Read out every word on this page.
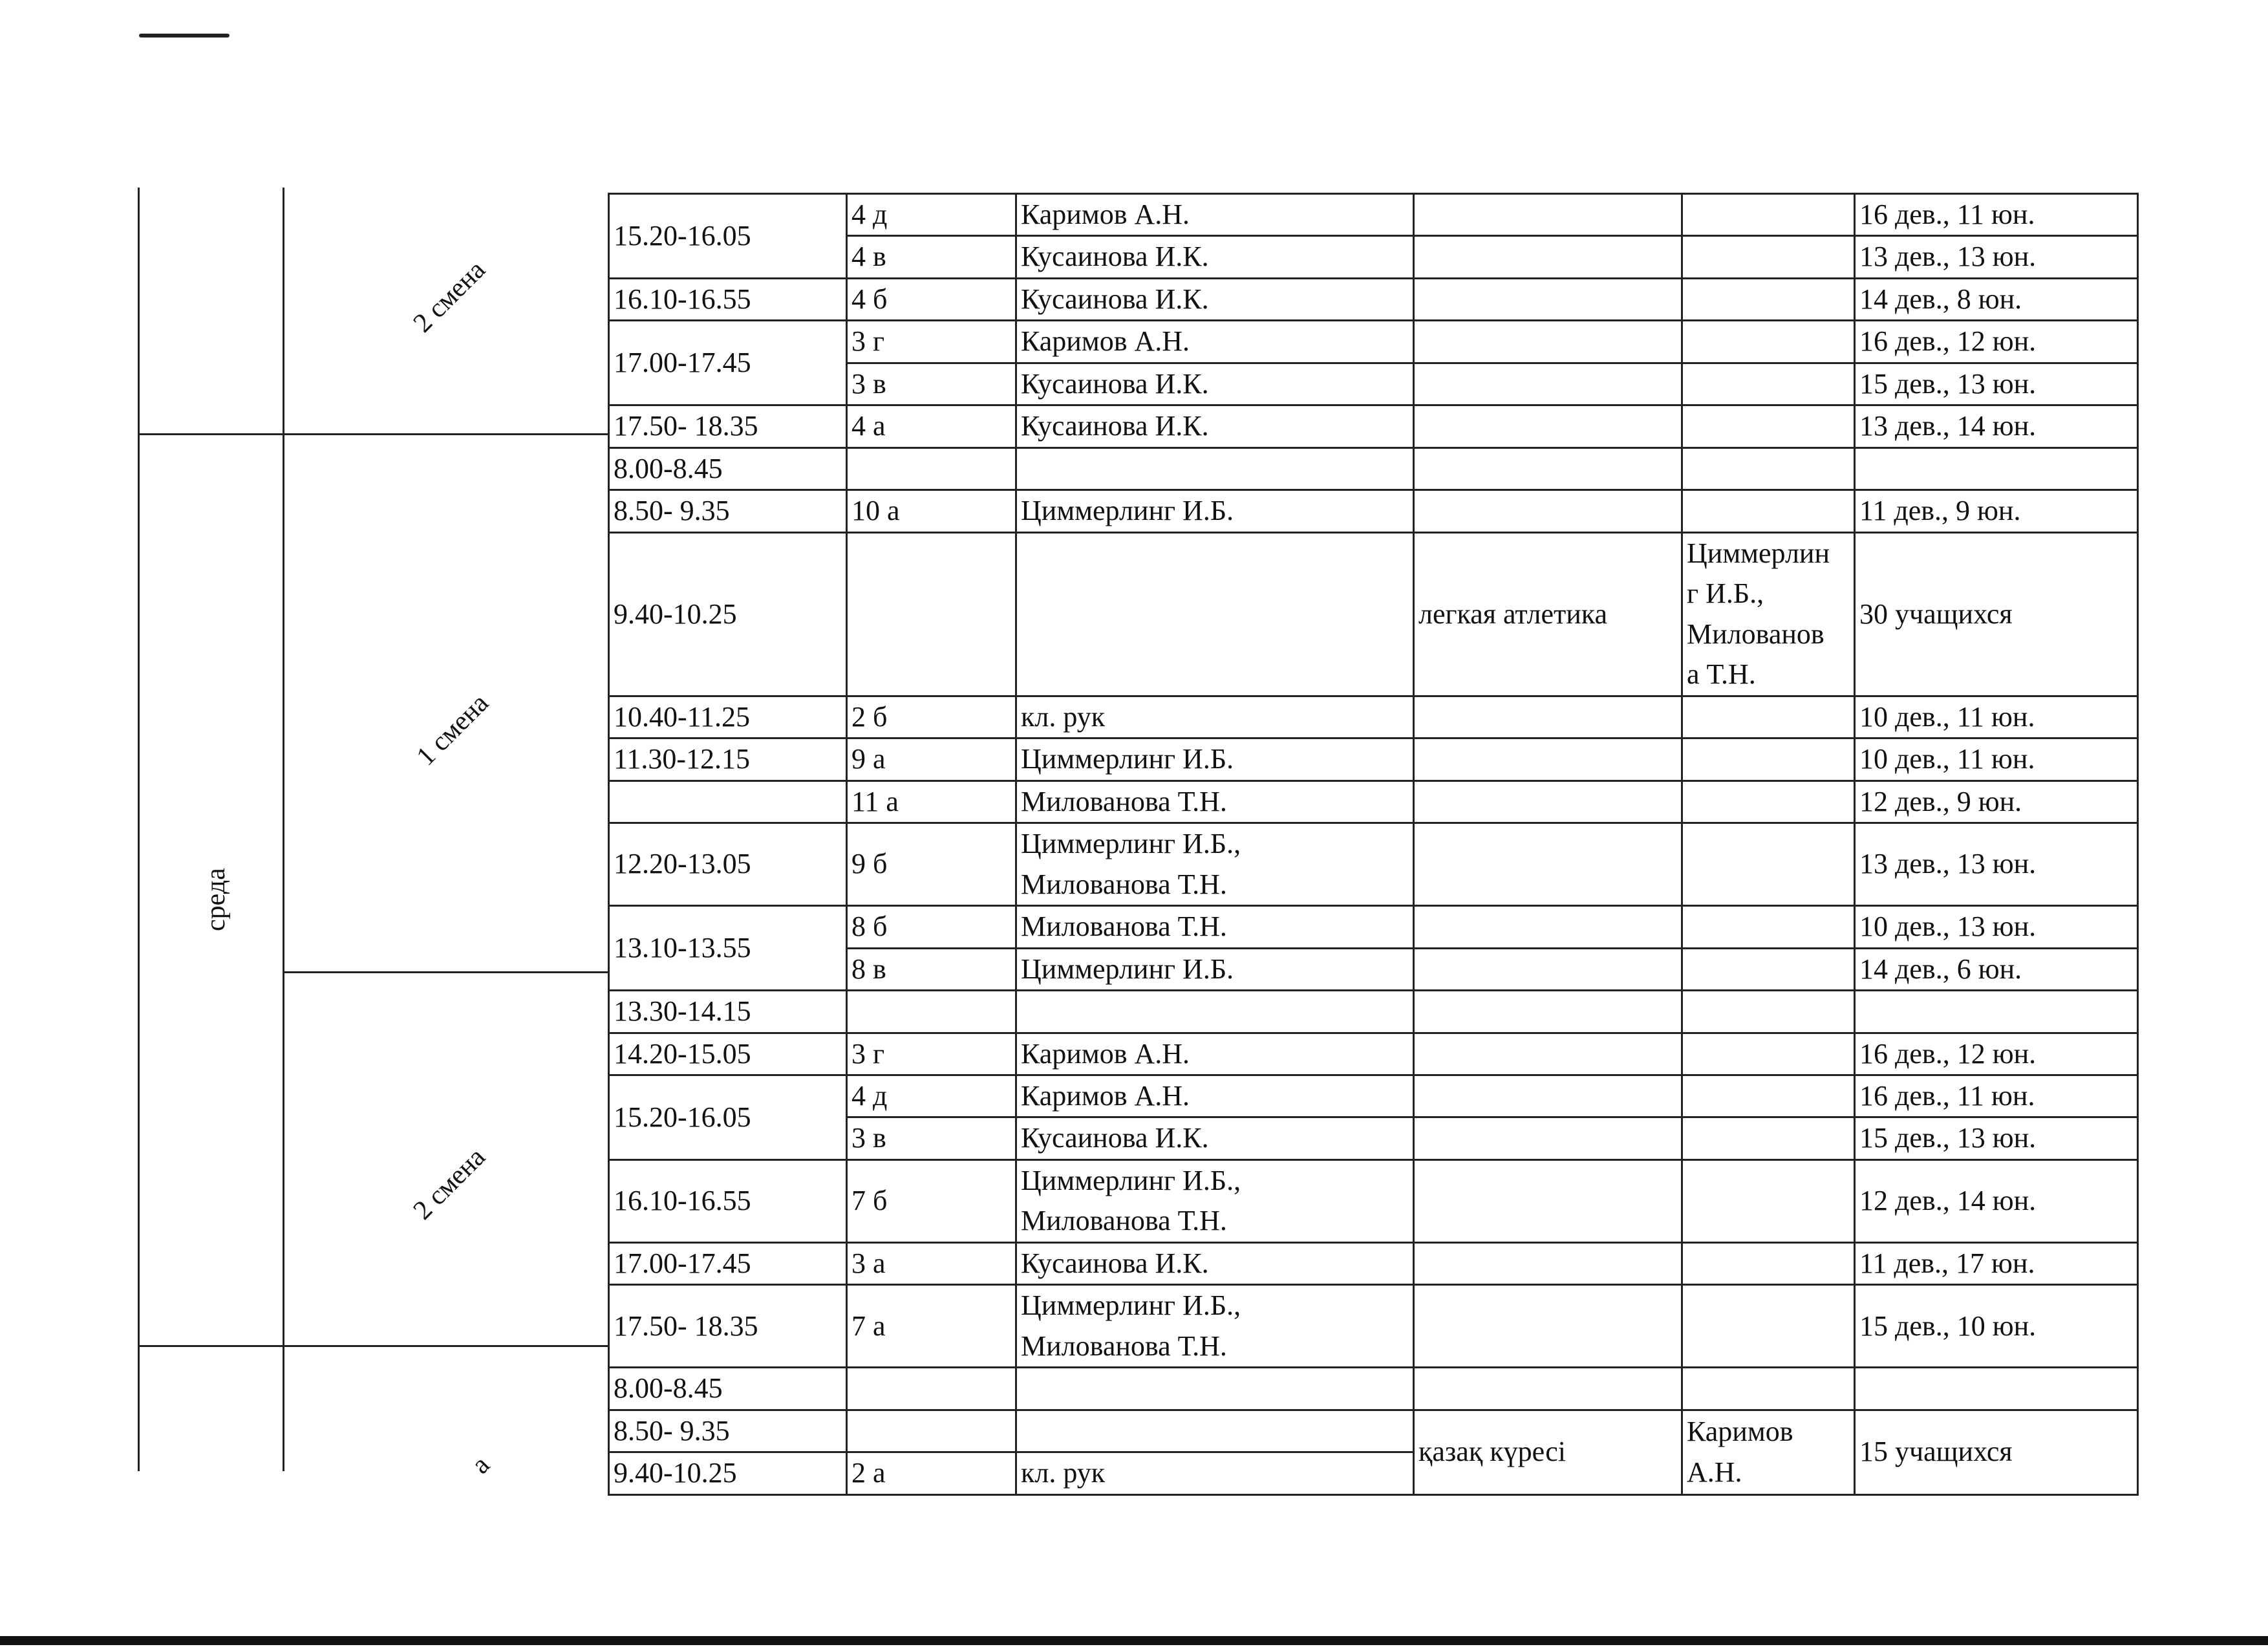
среда
2 смена
1 смена
2 смена
а
15.20-16.05	4 д	Каримов А.Н.			16 дев., 11 юн.
	4 в	Кусаинова И.К.			13 дев., 13 юн.
16.10-16.55	4 б	Кусаинова И.К.			14 дев., 8 юн.
17.00-17.45	3 г	Каримов А.Н.			16 дев., 12 юн.
	3 в	Кусаинова И.К.			15 дев., 13 юн.
17.50- 18.35	4 а	Кусаинова И.К.			13 дев., 14 юн.
8.00-8.45					
8.50- 9.35	10 а	Циммерлинг И.Б.			11 дев., 9 юн.
9.40-10.25			легкая атлетика	Циммерлин
г И.Б.,
Милованов
а Т.Н.	30 учащихся
10.40-11.25	2 б	кл. рук			10 дев., 11 юн.
11.30-12.15	9 а	Циммерлинг И.Б.			10 дев., 11 юн.
	11 а	Милованова Т.Н.			12 дев., 9 юн.
12.20-13.05	9 б	Циммерлинг И.Б.,
Милованова Т.Н.			13 дев., 13 юн.
13.10-13.55	8 б	Милованова Т.Н.			10 дев., 13 юн.
	8 в	Циммерлинг И.Б.			14 дев., 6 юн.
13.30-14.15					
14.20-15.05	3 г	Каримов А.Н.			16 дев., 12 юн.
15.20-16.05	4 д	Каримов А.Н.			16 дев., 11 юн.
	3 в	Кусаинова И.К.			15 дев., 13 юн.
16.10-16.55	7 б	Циммерлинг И.Б.,
Милованова Т.Н.			12 дев., 14 юн.
17.00-17.45	3 а	Кусаинова И.К.			11 дев., 17 юн.
17.50- 18.35	7 а	Циммерлинг И.Б.,
Милованова Т.Н.			15 дев., 10 юн.
8.00-8.45					
8.50- 9.35			қазақ күресі	Каримов
А.Н.	15 учащихся
9.40-10.25	2 а	кл. рук			
